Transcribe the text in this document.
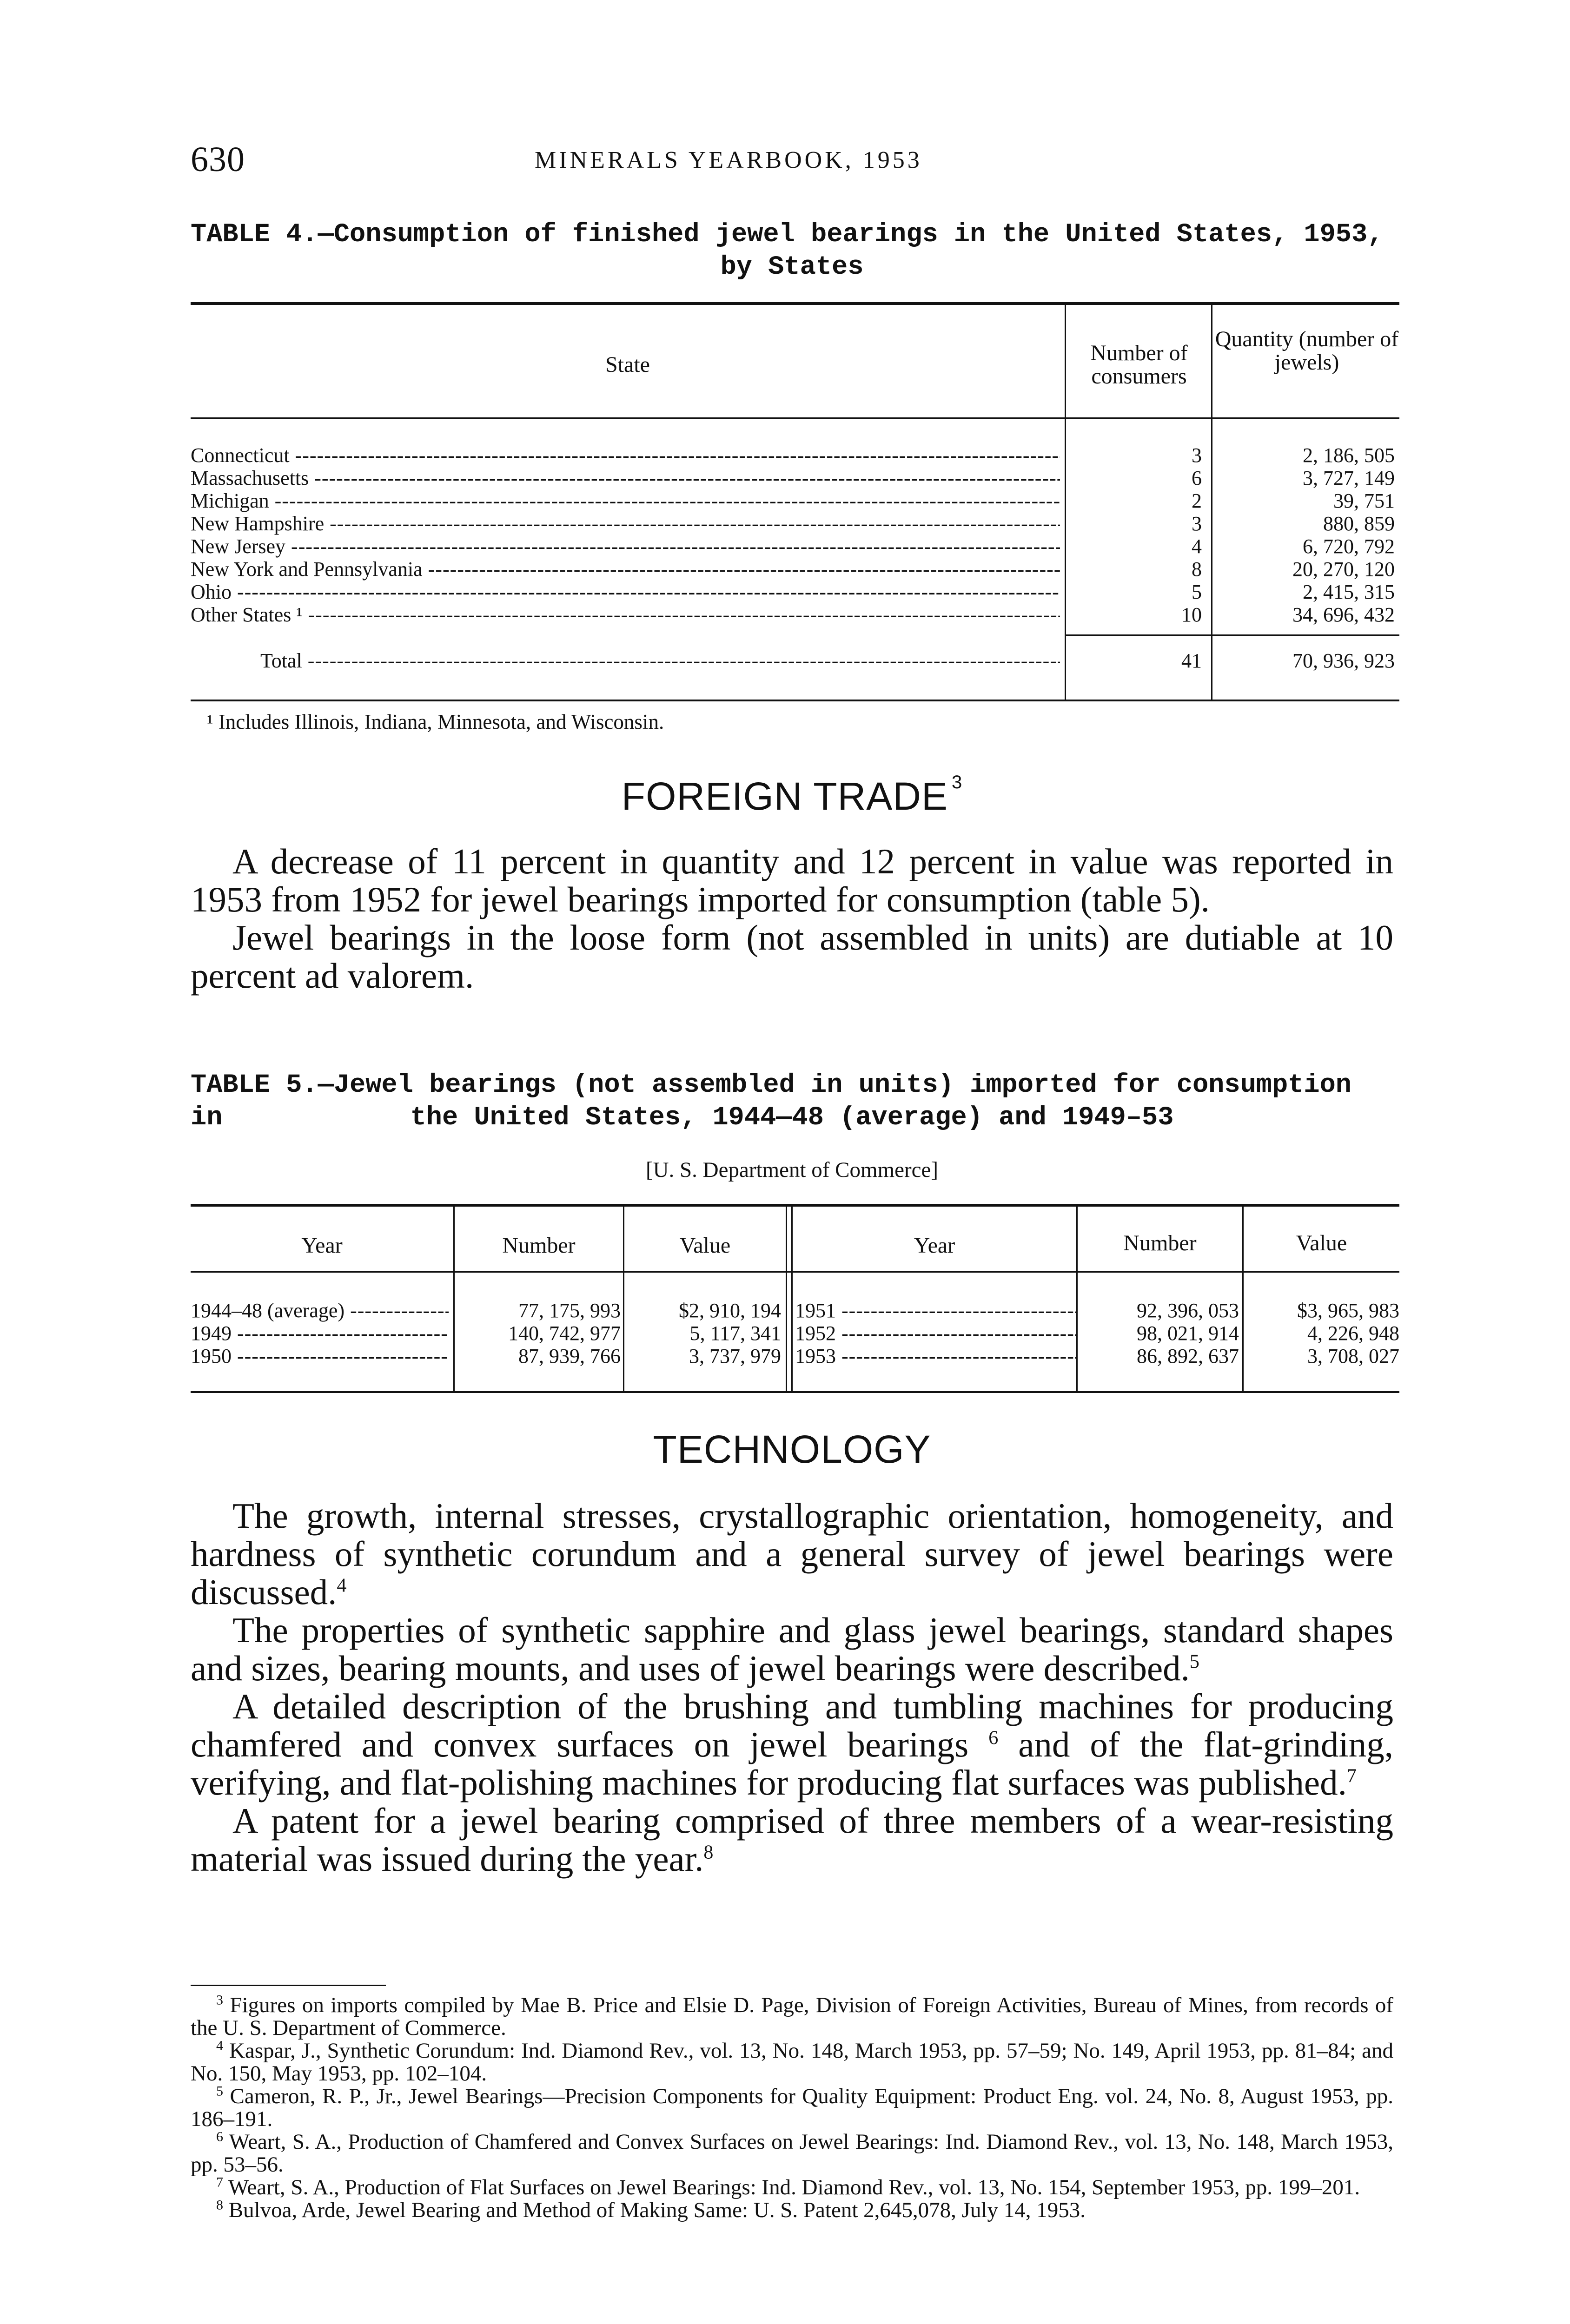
630	MINERALS YEARBOOK, 1953
TABLE 4.—Consumption of finished jewel bearings in the United States, 1953,
by States
State	Number of consumers
Quantity (number of jewels)
Connecticut -----	3	2, 186, 505
Massachusetts -----	6	3, 727, 149
Michigan -----	2	39, 751
New Hampshire -----	3	880, 859
New Jersey -----	4	6, 720, 792
New York and Pennsylvania -----	8	20, 270, 120
Ohio -----	5	2, 415, 315
Other States ¹ -----	10	34, 696, 432
Total -----	41	70, 936, 923
¹ Includes Illinois, Indiana, Minnesota, and Wisconsin.
FOREIGN TRADE $^3$

A decrease of 11 percent in quantity and 12 percent in value was reported in 1953 from 1952 for jewel bearings imported for consumption (table 5).

Jewel bearings in the loose form (not assembled in units) are dutiable at 10 percent ad valorem.

TABLE 5.—Jewel bearings (not assembled in units) imported for consumption in	the United States, 1944—48 (average) and 1949–53
[U. S. Department of Commerce]
Year	Number	Value	Year	Number	Value
1944–48 (average) -----	77, 175, 993	$2, 910, 194 1951 -----	92, 396, 053	$3, 965, 983
1949 -----	140, 742, 977	5, 117, 341 1952 -----	98, 021, 914	4, 226, 948
1950 -----	87, 939, 766	3, 737, 979 1953 -----	86, 892, 637	3, 708, 027
TECHNOLOGY

The growth, internal stresses, crystallographic orientation, homogeneity, and hardness of synthetic corundum and a general survey of jewel bearings were discussed.$^4$

The properties of synthetic sapphire and glass jewel bearings, standard shapes and sizes, bearing mounts, and uses of jewel bearings were described.$^5$

A detailed description of the brushing and tumbling machines for producing chamfered and convex surfaces on jewel bearings $^6$ and of the flat-grinding, verifying, and flat-polishing machines for producing flat surfaces was published.$^7$

A patent for a jewel bearing comprised of three members of a wear-resisting material was issued during the year.$^8$

$^3$ Figures on imports compiled by Mae B. Price and Elsie D. Page, Division of Foreign Activities, Bureau of Mines, from records of the U. S. Department of Commerce.

$^4$ Kaspar, J., Synthetic Corundum: Ind. Diamond Rev., vol. 13, No. 148, March 1953, pp. 57–59; No. 149, April 1953, pp. 81–84; and No. 150, May 1953, pp. 102–104.

$^5$ Cameron, R. P., Jr., Jewel Bearings—Precision Components for Quality Equipment: Product Eng. vol. 24, No. 8, August 1953, pp. 186–191.

$^6$ Weart, S. A., Production of Chamfered and Convex Surfaces on Jewel Bearings: Ind. Diamond Rev., vol. 13, No. 148, March 1953, pp. 53–56.

$^7$ Weart, S. A., Production of Flat Surfaces on Jewel Bearings: Ind. Diamond Rev., vol. 13, No. 154, September 1953, pp. 199–201.

$^8$ Bulvoa, Arde, Jewel Bearing and Method of Making Same: U. S. Patent 2,645,078, July 14, 1953.
